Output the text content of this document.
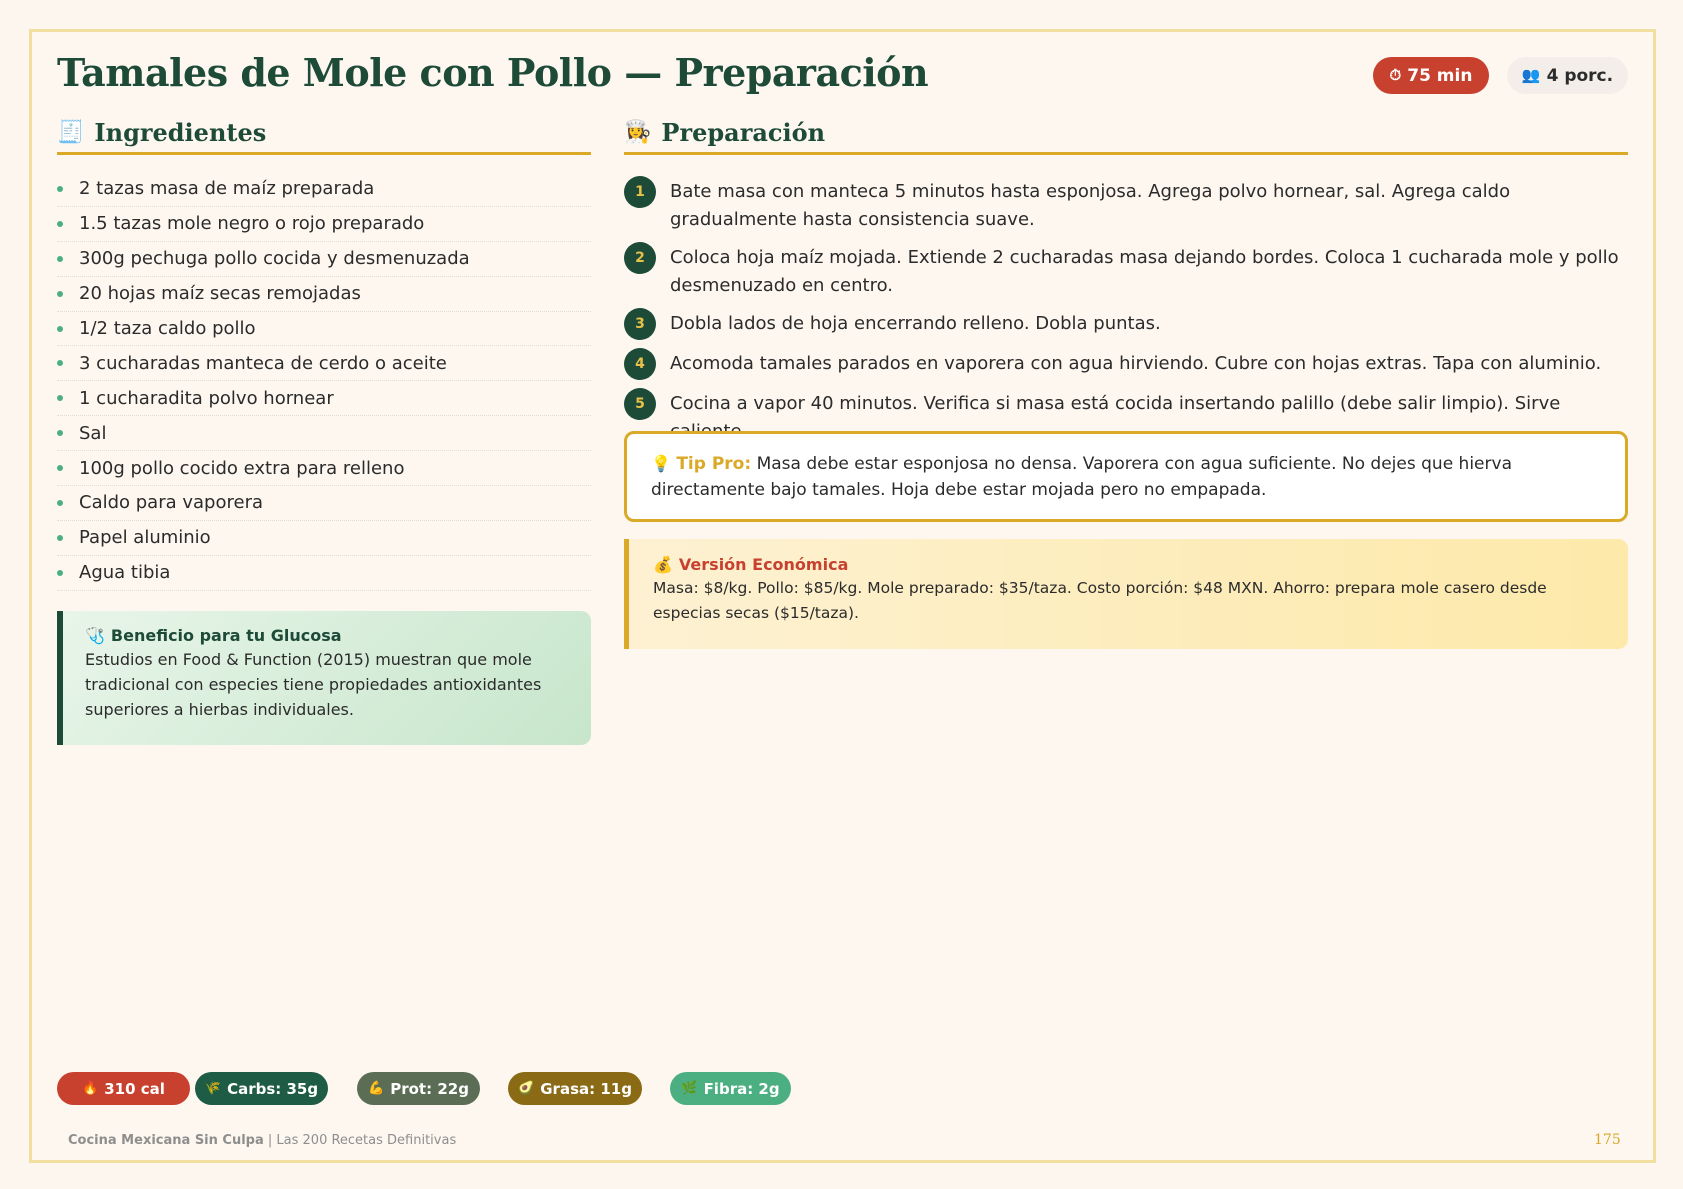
Tamales de Mole con Pollo — Preparación	⏱ 75 min	👥 4 porc.
🧾 Ingredientes
2 tazas masa de maíz preparada
1.5 tazas mole negro o rojo preparado
300g pechuga pollo cocida y desmenuzada
20 hojas maíz secas remojadas
1/2 taza caldo pollo
3 cucharadas manteca de cerdo o aceite
1 cucharadita polvo hornear
Sal
100g pollo cocido extra para relleno
Caldo para vaporera
Papel aluminio
Agua tibia
🩺 Beneficio para tu Glucosa
Estudios en Food & Function (2015) muestran que mole tradicional con especies tiene propiedades antioxidantes superiores a hierbas individuales.
👩‍🍳 Preparación
1	Bate masa con manteca 5 minutos hasta esponjosa. Agrega polvo hornear, sal. Agrega caldo gradualmente hasta consistencia suave.
2	Coloca hoja maíz mojada. Extiende 2 cucharadas masa dejando bordes. Coloca 1 cucharada mole y pollo desmenuzado en centro.
3	Dobla lados de hoja encerrando relleno. Dobla puntas.
4	Acomoda tamales parados en vaporera con agua hirviendo. Cubre con hojas extras. Tapa con aluminio.
5	Cocina a vapor 40 minutos. Verifica si masa está cocida insertando palillo (debe salir limpio). Sirve
💡 Tip Pro: Masa debe estar esponjosa no densa. Vaporera con agua suficiente. No dejes que hierva directamente bajo tamales. Hoja debe estar mojada pero no empapada.
💰 Versión Económica
Masa: $8/kg. Pollo: $85/kg. Mole preparado: $35/taza. Costo porción: $48 MXN. Ahorro: prepara mole casero desde especias secas ($15/taza).
🔥 310 cal	🌾 Carbs: 35g	💪 Prot: 22g	🥑 Grasa: 11g	🌿 Fibra: 2g
Cocina Mexicana Sin Culpa | Las 200 Recetas Definitivas	175
